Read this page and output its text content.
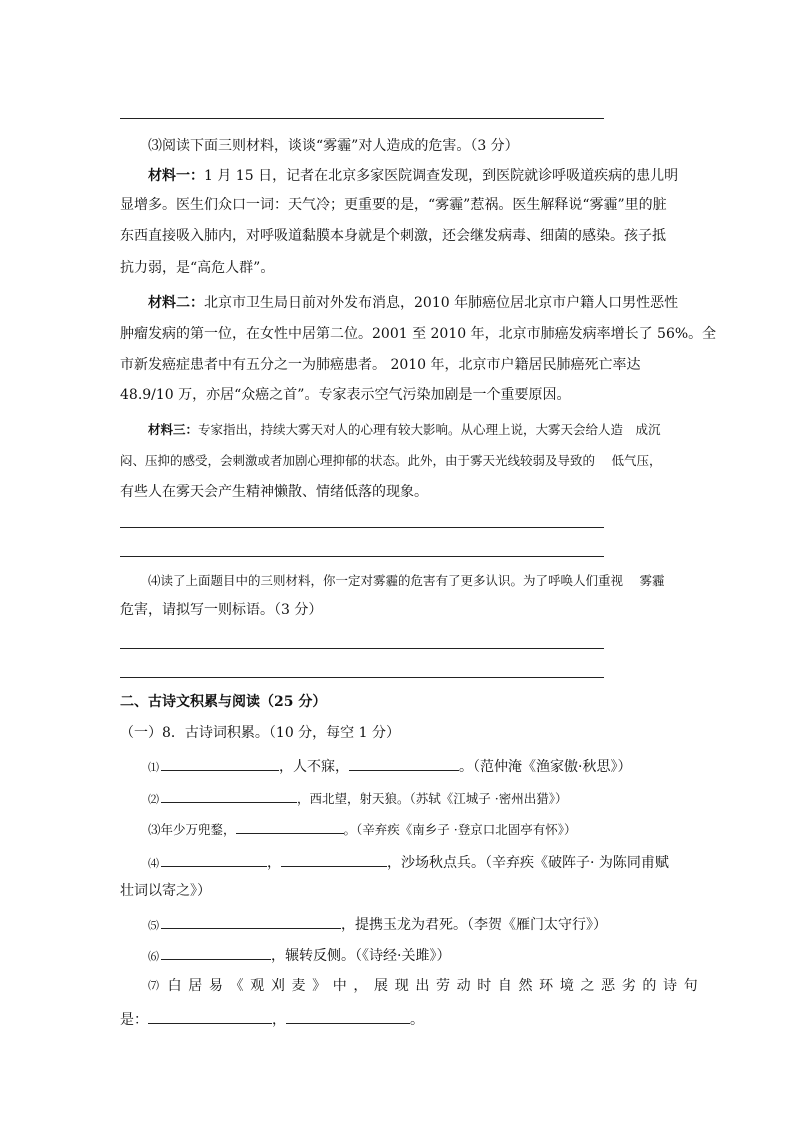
⑶阅读下面三则材料，谈谈“雾霾”对人造成的危害。（3 分）
材料一：1 月 15 日，记者在北京多家医院调查发现，到医院就诊呼吸道疾病的患儿明
显增多。医生们众口一词：天气冷；更重要的是，“雾霾”惹祸。医生解释说“雾霾”里的脏
东西直接吸入肺内，对呼吸道黏膜本身就是个刺激，还会继发病毒、细菌的感染。孩子抵
抗力弱，是“高危人群”。
材料二：北京市卫生局日前对外发布消息，2010 年肺癌位居北京市户籍人口男性恶性
肿瘤发病的第一位，在女性中居第二位。2001 至 2010 年，北京市肺癌发病率增长了 56%。全
市新发癌症患者中有五分之一为肺癌患者。 2010 年，北京市户籍居民肺癌死亡率达
48.9/10 万，亦居“众癌之首”。专家表示空气污染加剧是一个重要原因。
材料三：专家指出，持续大雾天对人的心理有较大影响。从心理上说，大雾天会给人造　成沉
闷、压抑的感受，会刺激或者加剧心理抑郁的状态。此外，由于雾天光线较弱及导致的　 低气压，
有些人在雾天会产生精神懒散、情绪低落的现象。
⑷读了上面题目中的三则材料，你一定对雾霾的危害有了更多认识。为了呼唤人们重视　 雾霾
危害，请拟写一则标语。（3 分）
二、古诗文积累与阅读（25 分）
（一）8．古诗词积累。（10 分，每空 1 分）
⑴	，人不寐，	。（范仲淹《渔家傲·秋思》）
⑵	，西北望，射天狼。（苏轼《江城子 ·密州出猎》）
⑶年少万兜鍪，	。（辛弃疾《南乡子 ·登京口北固亭有怀》）
⑷	，	，沙场秋点兵。（辛弃疾《破阵子· 为陈同甫赋
壮词以寄之》）
⑸	，提携玉龙为君死。（李贺《雁门太守行》）
⑹	，辗转反侧。（《诗经·关雎》）
⑺ 白 居 易 《 观 刈 麦 》 中 ， 展 现 出 劳 动 时 自 然 环 境 之 恶 劣 的 诗 句
是：	，	。
